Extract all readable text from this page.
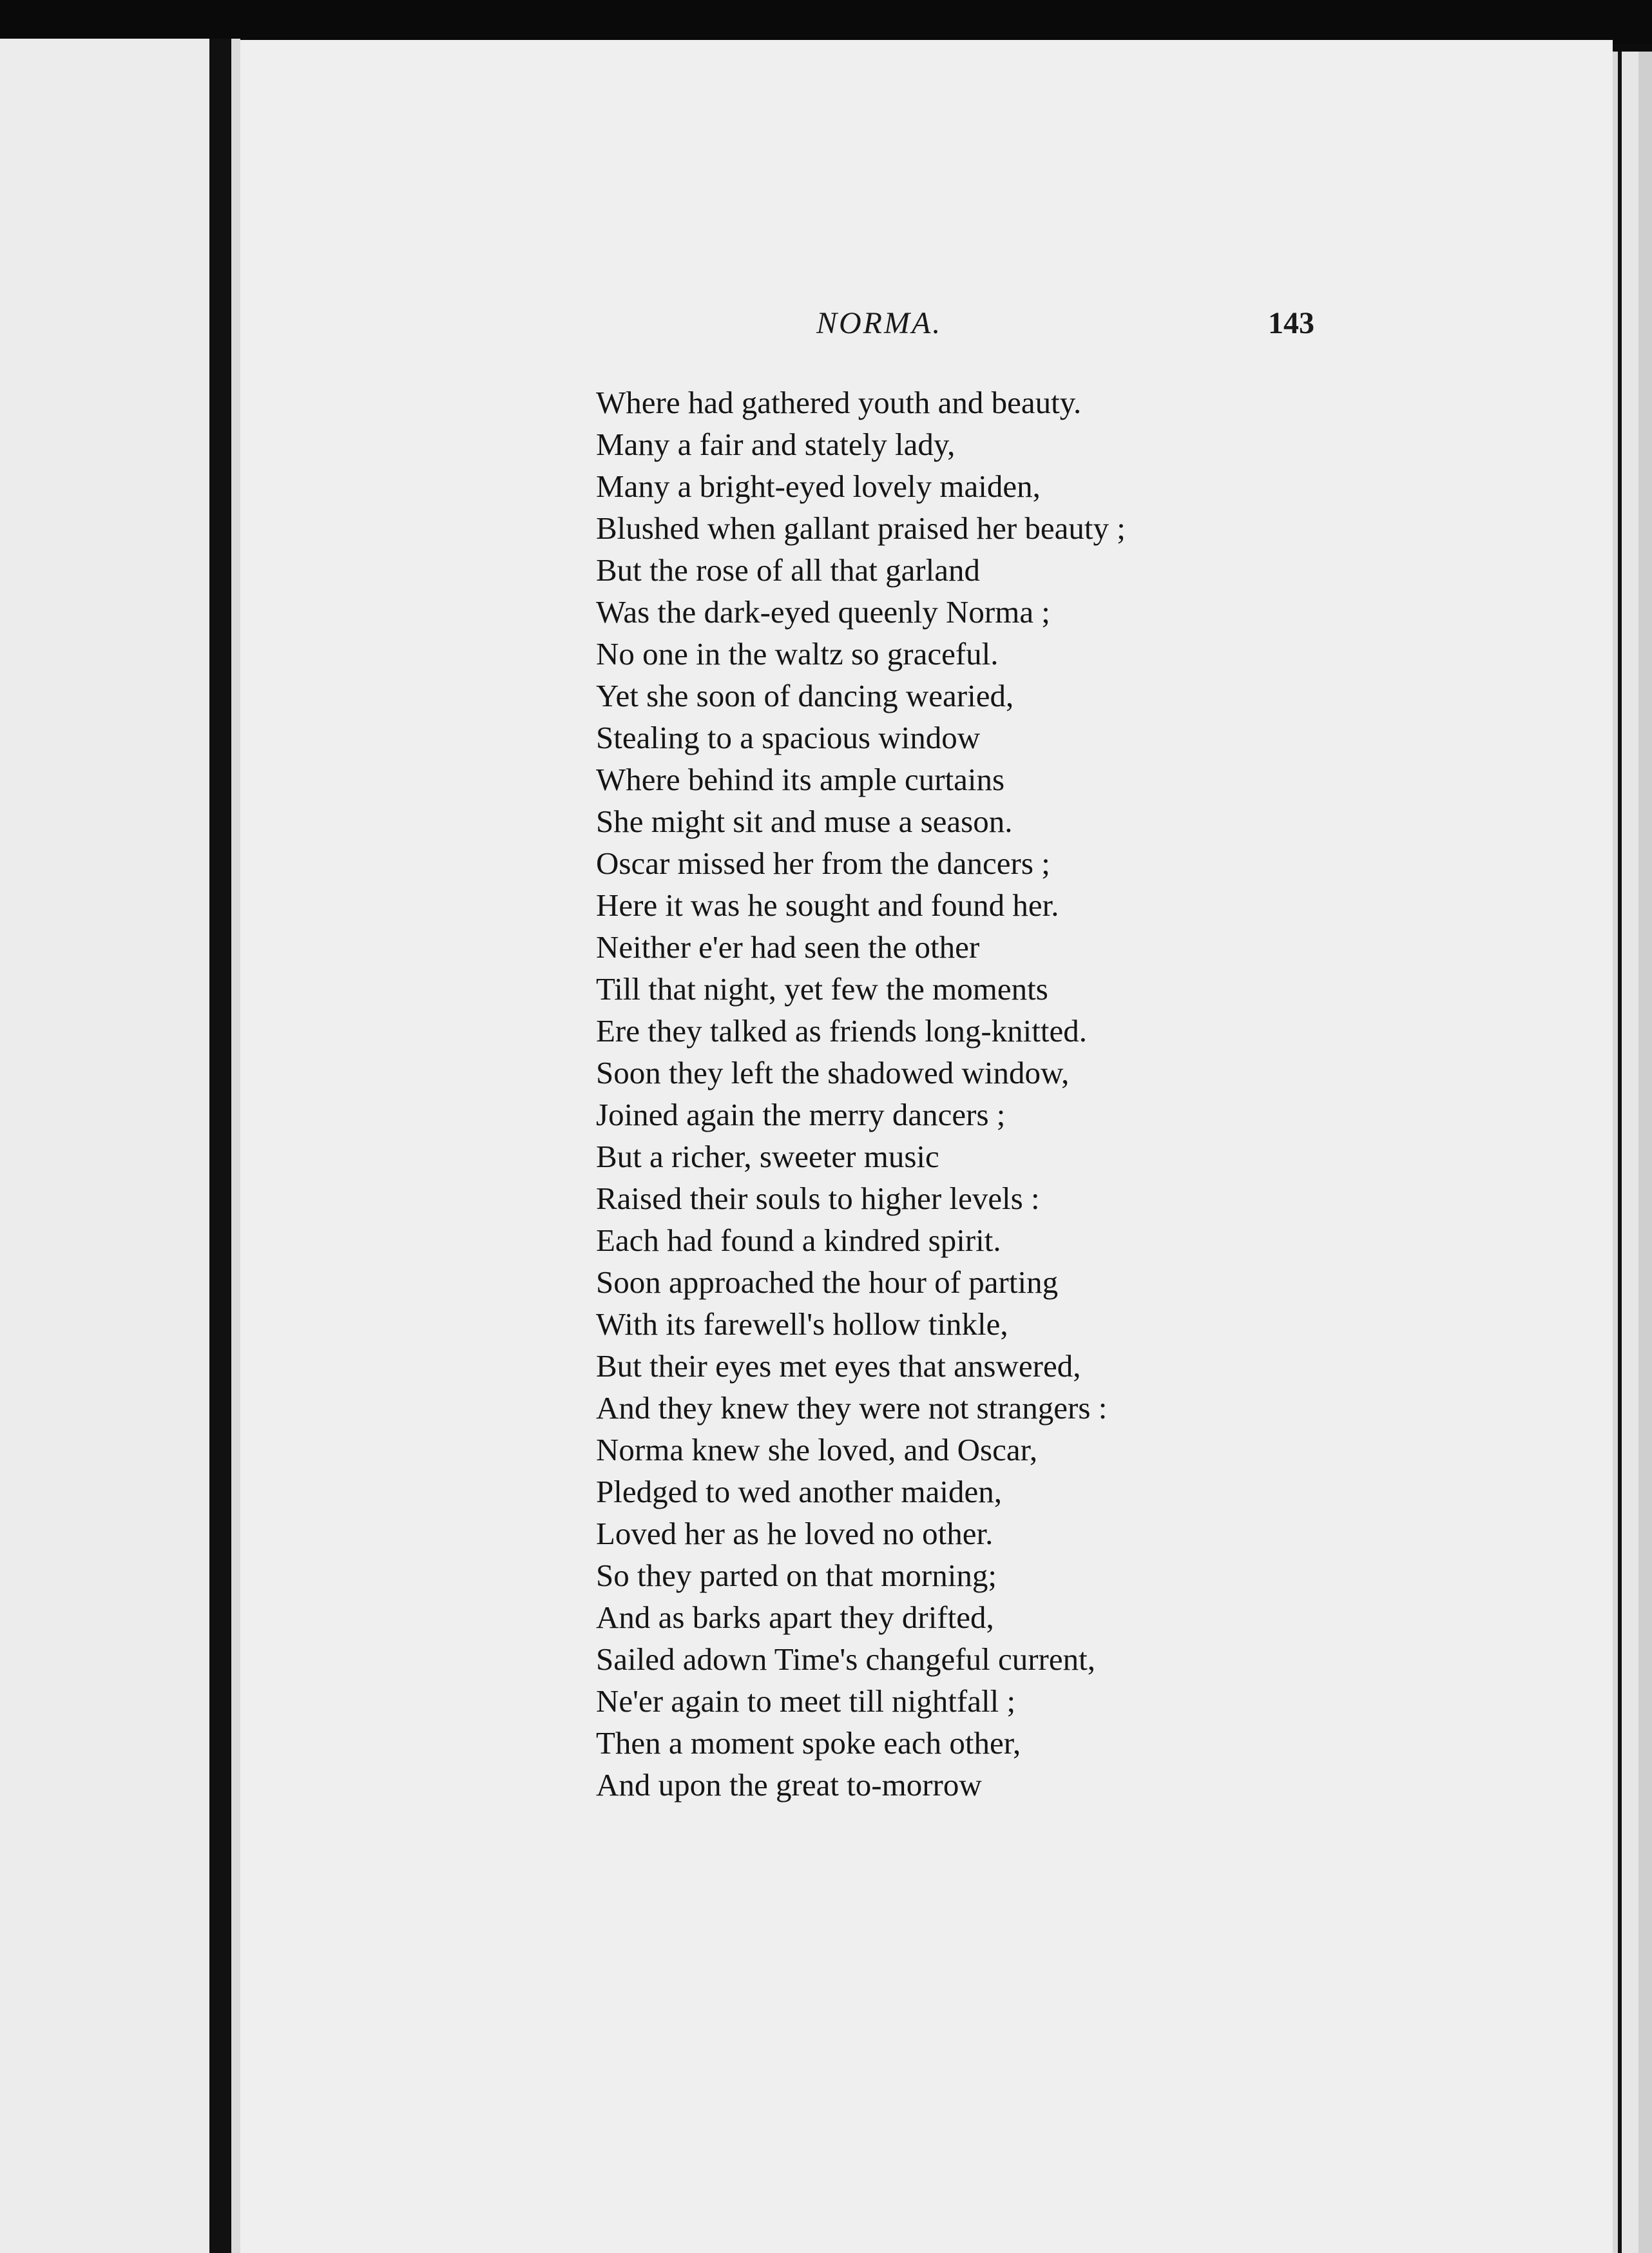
NORMA.	143
Where had gathered youth and beauty.
Many a fair and stately lady,
Many a bright-eyed lovely maiden,
Blushed when gallant praised her beauty ;
But the rose of all that garland
Was the dark-eyed queenly Norma ;
No one in the waltz so graceful.
Yet she soon of dancing wearied,
Stealing to a spacious window
Where behind its ample curtains
She might sit and muse a season.
Oscar missed her from the dancers ;
Here it was he sought and found her.
Neither e'er had seen the other
Till that night, yet few the moments
Ere they talked as friends long-knitted.
Soon they left the shadowed window,
Joined again the merry dancers ;
But a richer, sweeter music
Raised their souls to higher levels :
Each had found a kindred spirit.
Soon approached the hour of parting
With its farewell's hollow tinkle,
But their eyes met eyes that answered,
And they knew they were not strangers :
Norma knew she loved, and Oscar,
Pledged to wed another maiden,
Loved her as he loved no other.
So they parted on that morning;
And as barks apart they drifted,
Sailed adown Time's changeful current,
Ne'er again to meet till nightfall ;
Then a moment spoke each other,
And upon the great to-morrow
